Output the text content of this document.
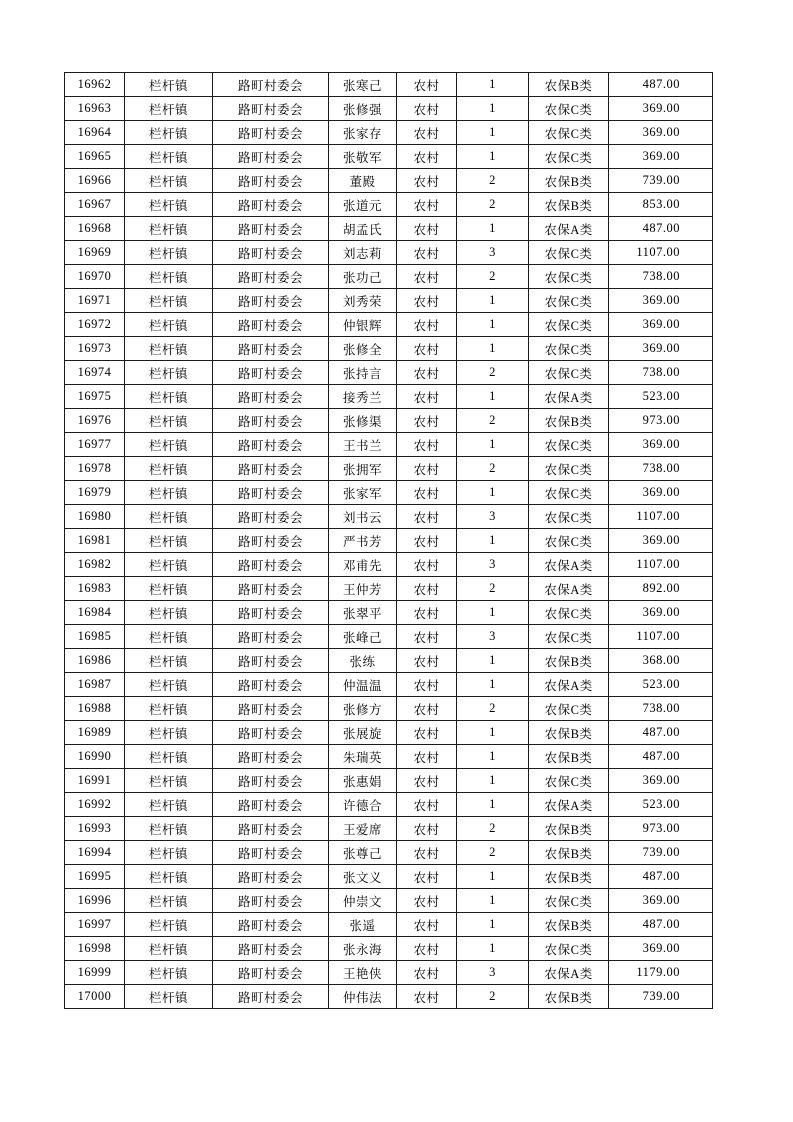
16962	栏杆镇	路町村委会	张寒己	农村	1	农保B类	487.00
16963	栏杆镇	路町村委会	张修强	农村	1	农保C类	369.00
16964	栏杆镇	路町村委会	张家存	农村	1	农保C类	369.00
16965	栏杆镇	路町村委会	张敬军	农村	1	农保C类	369.00
16966	栏杆镇	路町村委会	董殿	农村	2	农保B类	739.00
16967	栏杆镇	路町村委会	张道元	农村	2	农保B类	853.00
16968	栏杆镇	路町村委会	胡孟氏	农村	1	农保A类	487.00
16969	栏杆镇	路町村委会	刘志莉	农村	3	农保C类	1107.00
16970	栏杆镇	路町村委会	张功己	农村	2	农保C类	738.00
16971	栏杆镇	路町村委会	刘秀荣	农村	1	农保C类	369.00
16972	栏杆镇	路町村委会	仲银辉	农村	1	农保C类	369.00
16973	栏杆镇	路町村委会	张修全	农村	1	农保C类	369.00
16974	栏杆镇	路町村委会	张持言	农村	2	农保C类	738.00
16975	栏杆镇	路町村委会	接秀兰	农村	1	农保A类	523.00
16976	栏杆镇	路町村委会	张修渠	农村	2	农保B类	973.00
16977	栏杆镇	路町村委会	王书兰	农村	1	农保C类	369.00
16978	栏杆镇	路町村委会	张拥军	农村	2	农保C类	738.00
16979	栏杆镇	路町村委会	张家军	农村	1	农保C类	369.00
16980	栏杆镇	路町村委会	刘书云	农村	3	农保C类	1107.00
16981	栏杆镇	路町村委会	严书芳	农村	1	农保C类	369.00
16982	栏杆镇	路町村委会	邓甫先	农村	3	农保A类	1107.00
16983	栏杆镇	路町村委会	王仲芳	农村	2	农保A类	892.00
16984	栏杆镇	路町村委会	张翠平	农村	1	农保C类	369.00
16985	栏杆镇	路町村委会	张峰己	农村	3	农保C类	1107.00
16986	栏杆镇	路町村委会	张练	农村	1	农保B类	368.00
16987	栏杆镇	路町村委会	仲温温	农村	1	农保A类	523.00
16988	栏杆镇	路町村委会	张修方	农村	2	农保C类	738.00
16989	栏杆镇	路町村委会	张展旋	农村	1	农保B类	487.00
16990	栏杆镇	路町村委会	朱瑞英	农村	1	农保B类	487.00
16991	栏杆镇	路町村委会	张惠娟	农村	1	农保C类	369.00
16992	栏杆镇	路町村委会	许德合	农村	1	农保A类	523.00
16993	栏杆镇	路町村委会	王爱席	农村	2	农保B类	973.00
16994	栏杆镇	路町村委会	张尊己	农村	2	农保B类	739.00
16995	栏杆镇	路町村委会	张文义	农村	1	农保B类	487.00
16996	栏杆镇	路町村委会	仲崇文	农村	1	农保C类	369.00
16997	栏杆镇	路町村委会	张遥	农村	1	农保B类	487.00
16998	栏杆镇	路町村委会	张永海	农村	1	农保C类	369.00
16999	栏杆镇	路町村委会	王艳侠	农村	3	农保A类	1179.00
17000	栏杆镇	路町村委会	仲伟法	农村	2	农保B类	739.00
